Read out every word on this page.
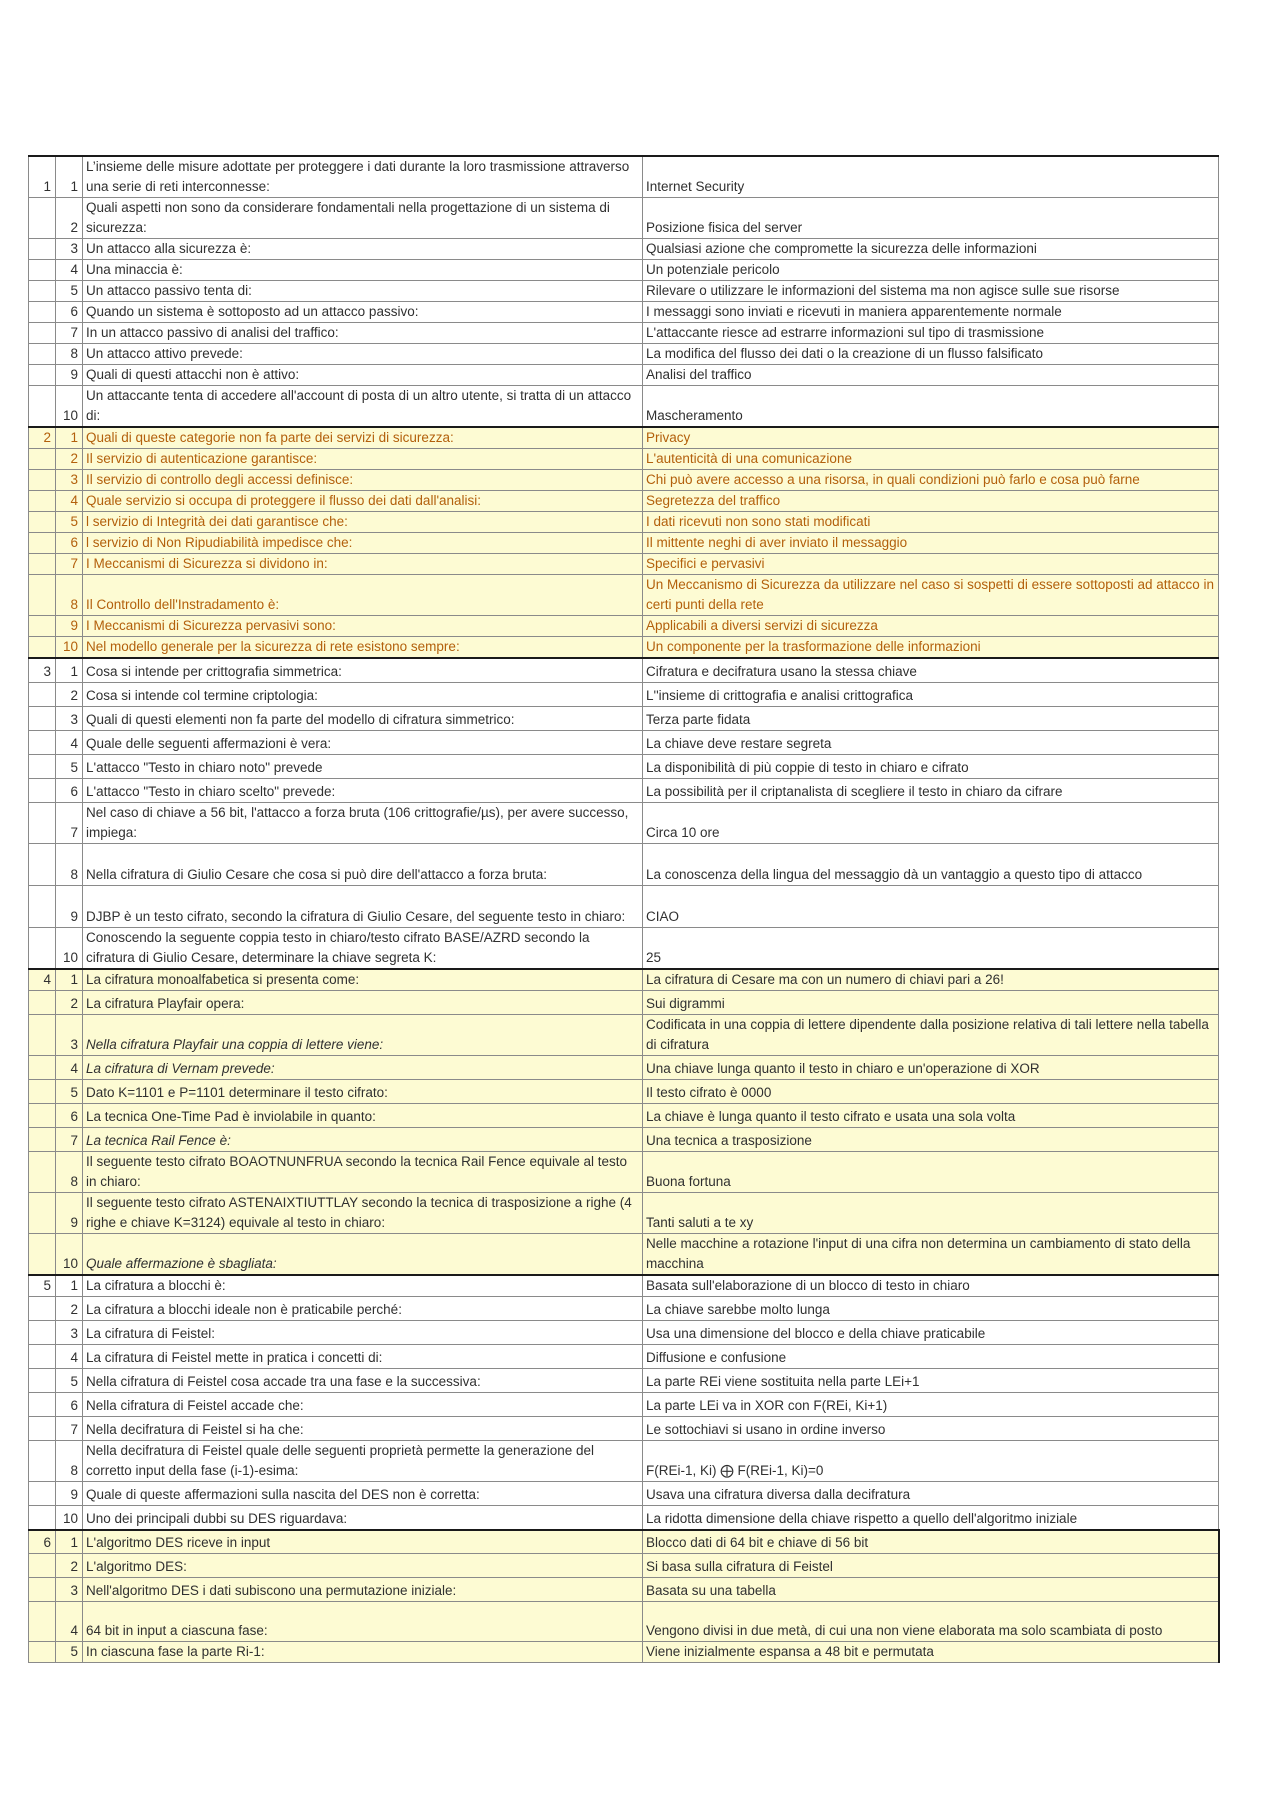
1	1	L’insieme delle misure adottate per proteggere i dati durante la loro trasmissione attraverso una serie di reti interconnesse:	Internet Security
	2	Quali aspetti non sono da considerare fondamentali nella progettazione di un sistema di sicurezza:	Posizione fisica del server
	3	Un attacco alla sicurezza è:	Qualsiasi azione che compromette la sicurezza delle informazioni
	4	Una minaccia è:	Un potenziale pericolo
	5	Un attacco passivo tenta di:	Rilevare o utilizzare le informazioni del sistema ma non agisce sulle sue risorse
	6	Quando un sistema è sottoposto ad un attacco passivo:	I messaggi sono inviati e ricevuti in maniera apparentemente normale
	7	In un attacco passivo di analisi del traffico:	L'attaccante riesce ad estrarre informazioni sul tipo di trasmissione
	8	Un attacco attivo prevede:	La modifica del flusso dei dati o la creazione di un flusso falsificato
	9	Quali di questi attacchi non è attivo:	Analisi del traffico
	10	Un attaccante tenta di accedere all'account di posta di un altro utente, si tratta di un attacco di:	Mascheramento
2	1	Quali di queste categorie non fa parte dei servizi di sicurezza:	Privacy
	2	Il servizio di autenticazione garantisce:	L'autenticità di una comunicazione
	3	Il servizio di controllo degli accessi definisce:	Chi può avere accesso a una risorsa, in quali condizioni può farlo e cosa può farne
	4	Quale servizio si occupa di proteggere il flusso dei dati dall'analisi:	Segretezza del traffico
	5	l servizio di Integrità dei dati garantisce che:	I dati ricevuti non sono stati modificati
	6	l servizio di Non Ripudiabilità impedisce che:	Il mittente neghi di aver inviato il messaggio
	7	I Meccanismi di Sicurezza si dividono in:	Specifici e pervasivi
	8	Il Controllo dell'Instradamento è:	Un Meccanismo di Sicurezza da utilizzare nel caso si sospetti di essere sottoposti ad attacco in certi punti della rete
	9	I Meccanismi di Sicurezza pervasivi sono:	Applicabili a diversi servizi di sicurezza
	10	Nel modello generale per la sicurezza di rete esistono sempre:	Un componente per la trasformazione delle informazioni
3	1	Cosa si intende per crittografia simmetrica:	Cifratura e decifratura usano la stessa chiave
	2	Cosa si intende col termine criptologia:	L''insieme di crittografia e analisi crittografica
	3	Quali di questi elementi non fa parte del modello di cifratura simmetrico:	Terza parte fidata
	4	Quale delle seguenti affermazioni è vera:	La chiave deve restare segreta
	5	L'attacco "Testo in chiaro noto" prevede	La disponibilità di più coppie di testo in chiaro e cifrato
	6	L'attacco "Testo in chiaro scelto" prevede:	La possibilità per il criptanalista di scegliere il testo in chiaro da cifrare
	7	Nel caso di chiave a 56 bit, l'attacco a forza bruta (106 crittografie/µs), per avere successo, impiega:	Circa 10 ore
	8	Nella cifratura di Giulio Cesare che cosa si può dire dell'attacco a forza bruta:	La conoscenza della lingua del messaggio dà un vantaggio a questo tipo di attacco
	9	DJBP è un testo cifrato, secondo la cifratura di Giulio Cesare, del seguente testo in chiaro:	CIAO
	10	Conoscendo la seguente coppia testo in chiaro/testo cifrato BASE/AZRD secondo la cifratura di Giulio Cesare, determinare la chiave segreta K:	25
4	1	La cifratura monoalfabetica si presenta come:	La cifratura di Cesare ma con un numero di chiavi pari a 26!
	2	La cifratura Playfair opera:	Sui digrammi
	3	Nella cifratura Playfair una coppia di lettere viene:	Codificata in una coppia di lettere dipendente dalla posizione relativa di tali lettere nella tabella di cifratura
	4	La cifratura di Vernam prevede:	Una chiave lunga quanto il testo in chiaro e un'operazione di XOR
	5	Dato K=1101 e P=1101 determinare il testo cifrato:	Il testo cifrato è 0000
	6	La tecnica One-Time Pad è inviolabile in quanto:	La chiave è lunga quanto il testo cifrato e usata una sola volta
	7	La tecnica Rail Fence è:	Una tecnica a trasposizione
	8	Il seguente testo cifrato BOAOTNUNFRUA secondo la tecnica Rail Fence equivale al testo in chiaro:	Buona fortuna
	9	Il seguente testo cifrato ASTENAIXTIUTTLAY secondo la tecnica di trasposizione a righe (4 righe e chiave K=3124) equivale al testo in chiaro:	Tanti saluti a te xy
	10	Quale affermazione è sbagliata:	Nelle macchine a rotazione l'input di una cifra non determina un cambiamento di stato della macchina
5	1	La cifratura a blocchi è:	Basata sull'elaborazione di un blocco di testo in chiaro
	2	La cifratura a blocchi ideale non è praticabile perché:	La chiave sarebbe molto lunga
	3	La cifratura di Feistel:	Usa una dimensione del blocco e della chiave praticabile
	4	La cifratura di Feistel mette in pratica i concetti di:	Diffusione e confusione
	5	Nella cifratura di Feistel cosa accade tra una fase e la successiva:	La parte REi viene sostituita nella parte LEi+1
	6	Nella cifratura di Feistel accade che:	La parte LEi va in XOR con F(REi, Ki+1)
	7	Nella decifratura di Feistel si ha che:	Le sottochiavi si usano in ordine inverso
	8	Nella decifratura di Feistel quale delle seguenti proprietà permette la generazione del corretto input della fase (i-1)-esima:	F(REi-1, Ki) ⨁ F(REi-1, Ki)=0
	9	Quale di queste affermazioni sulla nascita del DES non è corretta:	Usava una cifratura diversa dalla decifratura
	10	Uno dei principali dubbi su DES riguardava:	La ridotta dimensione della chiave rispetto a quello dell'algoritmo iniziale
6	1	L'algoritmo DES riceve in input	Blocco dati di 64 bit e chiave di 56 bit
	2	L'algoritmo DES:	Si basa sulla cifratura di Feistel
	3	Nell'algoritmo DES i dati subiscono una permutazione iniziale:	Basata su una tabella
	4	64 bit in input a ciascuna fase:	Vengono divisi in due metà, di cui una non viene elaborata ma solo scambiata di posto
	5	In ciascuna fase la parte Ri-1:	Viene inizialmente espansa a 48 bit e permutata
